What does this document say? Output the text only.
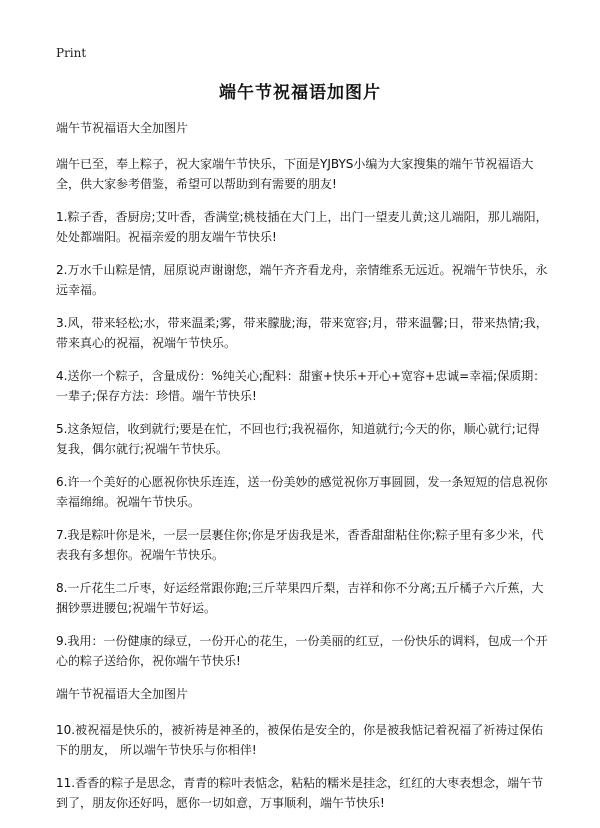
Print
端午节祝福语加图片

端午节祝福语大全加图片

端午已至，奉上粽子，祝大家端午节快乐，下面是YJBYS小编为大家搜集的端午节祝福语大全，供大家参考借鉴，希望可以帮助到有需要的朋友!

1.粽子香，香厨房;艾叶香，香满堂;桃枝插在大门上，出门一望麦儿黄;这儿端阳，那儿端阳，处处都端阳。祝福亲爱的朋友端午节快乐!

2.万水千山粽是情，屈原说声谢谢您，端午齐齐看龙舟，亲情维系无远近。祝端午节快乐，永远幸福。

3.风，带来轻松;水，带来温柔;雾，带来朦胧;海，带来宽容;月，带来温馨;日，带来热情;我，带来真心的祝福，祝端午节快乐。

4.送你一个粽子，含量成份：%纯关心;配料：甜蜜+快乐+开心+宽容+忠诚=幸福;保质期：一辈子;保存方法：珍惜。端午节快乐!

5.这条短信，收到就行;要是在忙，不回也行;我祝福你，知道就行;今天的你，顺心就行;记得复我，偶尔就行;祝端午节快乐。

6.许一个美好的心愿祝你快乐连连，送一份美妙的感觉祝你万事圆圆，发一条短短的信息祝你幸福绵绵。祝端午节快乐。

7.我是粽叶你是米，一层一层裹住你;你是牙齿我是米，香香甜甜粘住你;粽子里有多少米，代表我有多想你。祝端午节快乐。

8.一斤花生二斤枣，好运经常跟你跑;三斤苹果四斤梨，吉祥和你不分离;五斤橘子六斤蕉，大捆钞票进腰包;祝端午节好运。

9.我用：一份健康的绿豆，一份开心的花生，一份美丽的红豆，一份快乐的调料，包成一个开心的粽子送给你，祝你端午节快乐!

端午节祝福语大全加图片

10.被祝福是快乐的，被祈祷是神圣的，被保佑是安全的，你是被我惦记着祝福了祈祷过保佑下的朋友， 所以端午节快乐与你相伴!

11.香香的粽子是思念，青青的粽叶表惦念，粘粘的糯米是挂念，红红的大枣表想念，端午节到了，朋友你还好吗，愿你一切如意，万事顺利，端午节快乐!
